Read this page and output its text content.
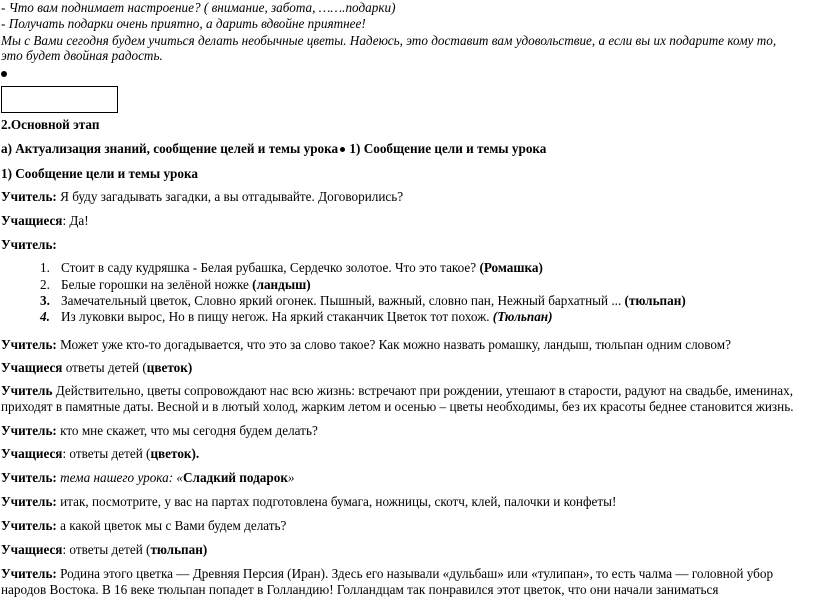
- Что вам поднимает настроение? ( внимание, забота, …….подарки)
- Получать подарки очень приятно, а дарить вдвойне приятнее!
Мы с Вами сегодня будем учиться делать необычные цветы. Надеюсь, это доставит вам удовольствие, а если вы их подарите кому то,
это будет двойная радость.
2.Основной этап
а) Актуализация знаний, сообщение целей и темы урока 1) Сообщение цели и темы урока
1) Сообщение цели и темы урока
Учитель: Я буду загадывать загадки, а вы отгадывайте. Договорились?
Учащиеся: Да!
Учитель:
1. Стоит в саду кудряшка - Белая рубашка, Сердечко золотое. Что это такое? (Ромашка)
2. Белые горошки на зелёной ножке (ландыш)
3. Замечательный цветок, Словно яркий огонек. Пышный, важный, словно пан, Нежный бархатный ... (тюльпан)
4. Из луковки вырос, Но в пищу негож. На яркий стаканчик Цветок тот похож. (Тюльпан)
Учитель: Может уже кто-то догадывается, что это за слово такое? Как можно назвать ромашку, ландыш, тюльпан одним словом?
Учащиеся ответы детей (цветок)
Учитель Действительно, цветы сопровождают нас всю жизнь: встречают при рождении, утешают в старости, радуют на свадьбе, именинах,
приходят в памятные даты. Весной и в лютый холод, жарким летом и осенью – цветы необходимы, без их красоты беднее становится жизнь.
Учитель: кто мне скажет, что мы сегодня будем делать?
Учащиеся: ответы детей (цветок).
Учитель: тема нашего урока: «Сладкий подарок»
Учитель: итак, посмотрите, у вас на партах подготовлена бумага, ножницы, скотч, клей, палочки и конфеты!
Учитель: а какой цветок мы с Вами будем делать?
Учащиеся: ответы детей (тюльпан)
Учитель: Родина этого цветка — Древняя Персия (Иран). Здесь его называли «дульбаш» или «тулипан», то есть чалма — головной убор
народов Востока. В 16 веке тюльпан попадет в Голландию! Голландцам так понравился этот цветок, что они начали заниматься
